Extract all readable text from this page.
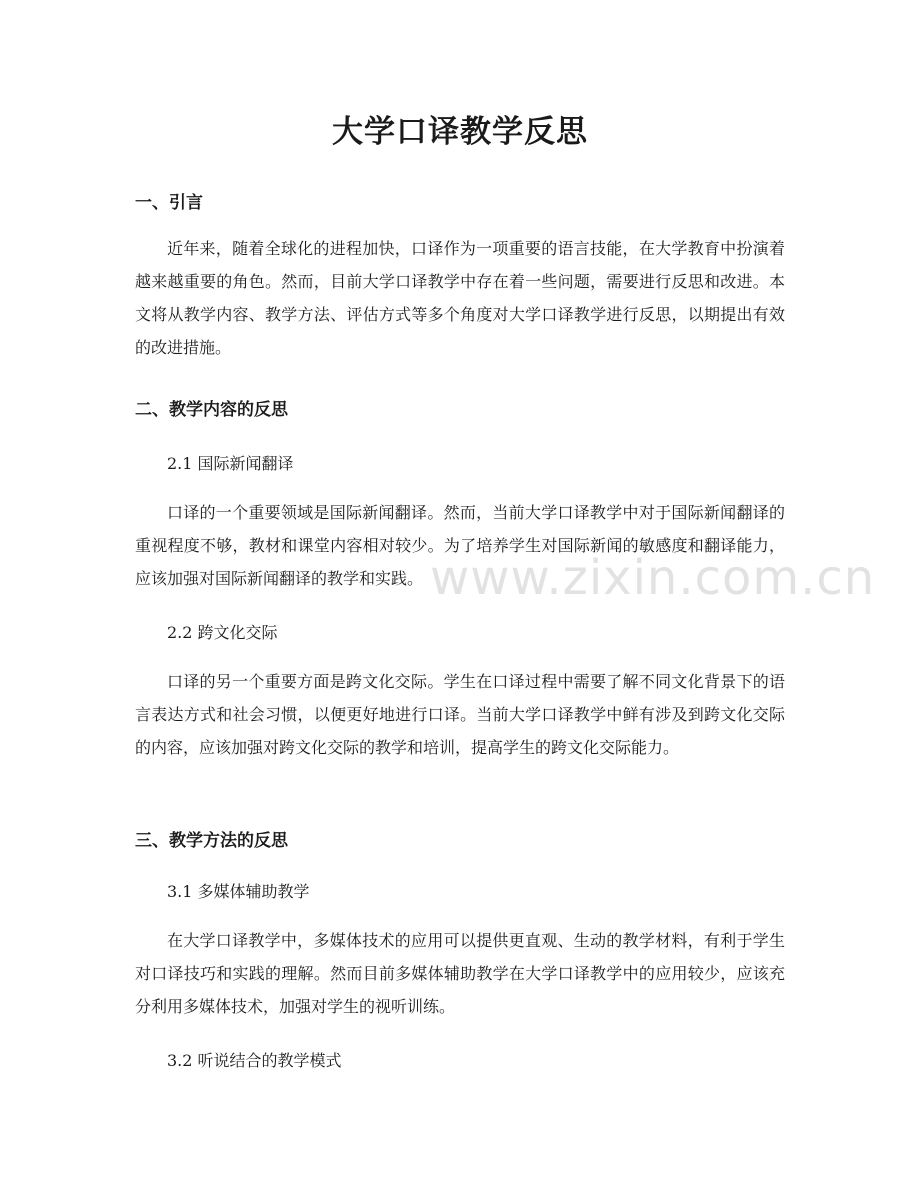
大学口译教学反思
一、引言

近年来，随着全球化的进程加快，口译作为一项重要的语言技能，在大学教育中扮演着越来越重要的角色。然而，目前大学口译教学中存在着一些问题，需要进行反思和改进。本文将从教学内容、教学方法、评估方式等多个角度对大学口译教学进行反思，以期提出有效的改进措施。

二、教学内容的反思
2.1 国际新闻翻译

口译的一个重要领域是国际新闻翻译。然而，当前大学口译教学中对于国际新闻翻译的重视程度不够，教材和课堂内容相对较少。为了培养学生对国际新闻的敏感度和翻译能力，应该加强对国际新闻翻译的教学和实践。

2.2 跨文化交际

口译的另一个重要方面是跨文化交际。学生在口译过程中需要了解不同文化背景下的语言表达方式和社会习惯，以便更好地进行口译。当前大学口译教学中鲜有涉及到跨文化交际的内容，应该加强对跨文化交际的教学和培训，提高学生的跨文化交际能力。

三、教学方法的反思
3.1 多媒体辅助教学

在大学口译教学中，多媒体技术的应用可以提供更直观、生动的教学材料，有利于学生对口译技巧和实践的理解。然而目前多媒体辅助教学在大学口译教学中的应用较少，应该充分利用多媒体技术，加强对学生的视听训练。

3.2 听说结合的教学模式
www.zixin.com.cn
